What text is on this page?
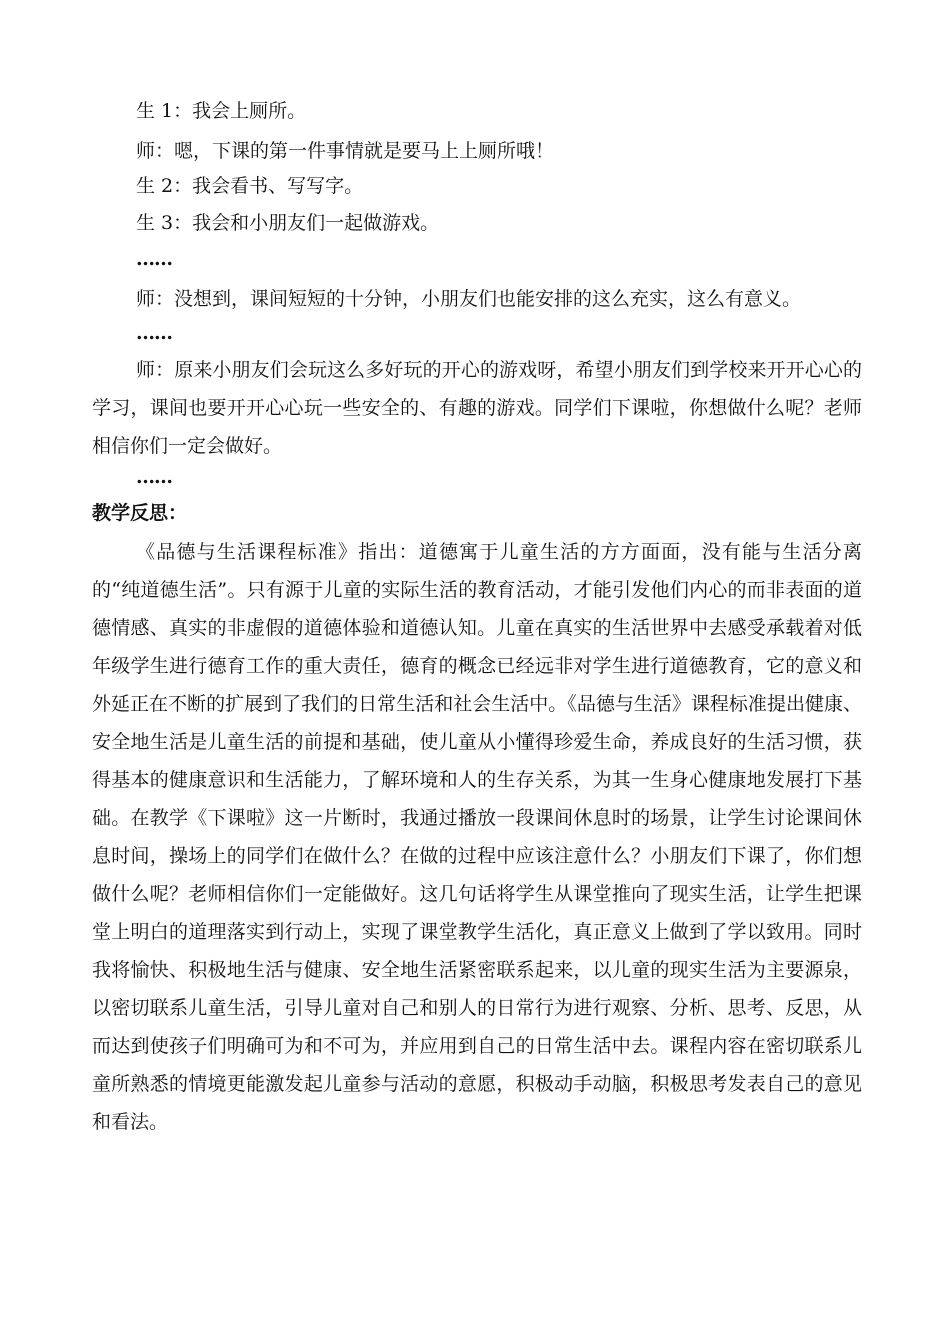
生 1：我会上厕所。
师：嗯，下课的第一件事情就是要马上上厕所哦！
生 2：我会看书、写写字。
生 3：我会和小朋友们一起做游戏。
……
师：没想到，课间短短的十分钟，小朋友们也能安排的这么充实，这么有意义。
……
师：原来小朋友们会玩这么多好玩的开心的游戏呀，希望小朋友们到学校来开开心心的学习，课间也要开开心心玩一些安全的、有趣的游戏。同学们下课啦，你想做什么呢？老师相信你们一定会做好。
……
教学反思：
《品德与生活课程标准》指出：道德寓于儿童生活的方方面面，没有能与生活分离的“纯道德生活”。只有源于儿童的实际生活的教育活动，才能引发他们内心的而非表面的道德情感、真实的非虚假的道德体验和道德认知。儿童在真实的生活世界中去感受承载着对低年级学生进行德育工作的重大责任，德育的概念已经远非对学生进行道德教育，它的意义和外延正在不断的扩展到了我们的日常生活和社会生活中。《品德与生活》课程标准提出健康、安全地生活是儿童生活的前提和基础，使儿童从小懂得珍爱生命，养成良好的生活习惯，获得基本的健康意识和生活能力，了解环境和人的生存关系，为其一生身心健康地发展打下基础。在教学《下课啦》这一片断时，我通过播放一段课间休息时的场景，让学生讨论课间休息时间，操场上的同学们在做什么？在做的过程中应该注意什么？小朋友们下课了，你们想做什么呢？老师相信你们一定能做好。这几句话将学生从课堂推向了现实生活，让学生把课堂上明白的道理落实到行动上，实现了课堂教学生活化，真正意义上做到了学以致用。同时我将愉快、积极地生活与健康、安全地生活紧密联系起来，以儿童的现实生活为主要源泉，以密切联系儿童生活，引导儿童对自己和别人的日常行为进行观察、分析、思考、反思，从而达到使孩子们明确可为和不可为，并应用到自己的日常生活中去。课程内容在密切联系儿童所熟悉的情境更能激发起儿童参与活动的意愿，积极动手动脑，积极思考发表自己的意见和看法。
